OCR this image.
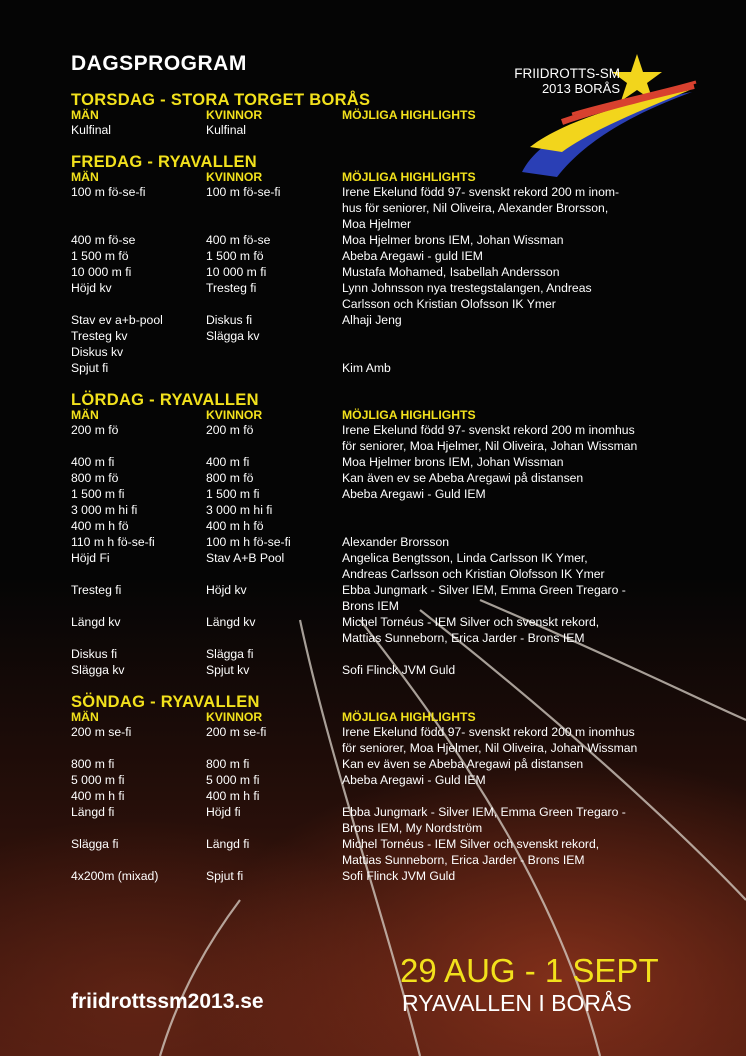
FRIIDROTTS-SM
2013 BORÅS
DAGSPROGRAM
TORSDAG - STORA TORGET BORÅS
MÄN	KVINNOR	MÖJLIGA HIGHLIGHTS
Kulfinal	Kulfinal
FREDAG - RYAVALLEN
MÄN	KVINNOR	MÖJLIGA HIGHLIGHTS
100 m fö-se-fi	100 m fö-se-fi	Irene Ekelund född 97- svenskt rekord 200 m inom-
hus för seniorer, Nil Oliveira, Alexander Brorsson,
Moa Hjelmer
400 m fö-se	400 m fö-se	Moa Hjelmer brons IEM, Johan Wissman
1 500 m fö	1 500 m fö	Abeba Aregawi - guld IEM
10 000 m fi	10 000 m fi	Mustafa Mohamed, Isabellah Andersson
Höjd kv	Tresteg fi	Lynn Johnsson nya trestegstalangen, Andreas
Carlsson och Kristian Olofsson IK Ymer
Stav ev a+b-pool	Diskus fi	Alhaji Jeng
Tresteg kv	Slägga kv
Diskus kv
Spjut fi	Kim Amb
LÖRDAG - RYAVALLEN
MÄN	KVINNOR	MÖJLIGA HIGHLIGHTS
200 m fö	200 m fö	Irene Ekelund född 97- svenskt rekord 200 m inomhus
för seniorer, Moa Hjelmer, Nil Oliveira, Johan Wissman
400 m fi	400 m fi	Moa Hjelmer brons IEM, Johan Wissman
800 m fö	800 m fö	Kan även ev se Abeba Aregawi på distansen
1 500 m fi	1 500 m fi	Abeba Aregawi - Guld IEM
3 000 m hi fi	3 000 m hi fi
400 m h fö	400 m h fö
110 m h fö-se-fi	100 m h fö-se-fi	Alexander Brorsson
Höjd Fi	Stav A+B Pool	Angelica Bengtsson, Linda Carlsson IK Ymer,
Andreas Carlsson och Kristian Olofsson IK Ymer
Tresteg fi	Höjd kv	Ebba Jungmark - Silver IEM, Emma Green Tregaro -
Brons IEM
Längd kv	Längd kv	Michel Tornéus - IEM Silver och svenskt rekord,
Mattias Sunneborn, Erica Jarder - Brons IEM
Diskus fi	Slägga fi
Slägga kv	Spjut kv	Sofi Flinck JVM Guld
SÖNDAG - RYAVALLEN
MÄN	KVINNOR	MÖJLIGA HIGHLIGHTS
200 m se-fi	200 m se-fi	Irene Ekelund född 97- svenskt rekord 200 m inomhus
för seniorer, Moa Hjelmer, Nil Oliveira, Johan Wissman
800 m fi	800 m fi	Kan ev även se Abeba Aregawi på distansen
5 000 m fi	5 000 m fi	Abeba Aregawi - Guld IEM
400 m h fi	400 m h fi
Längd fi	Höjd fi	Ebba Jungmark - Silver IEM, Emma Green Tregaro -
Brons IEM, My Nordström
Slägga fi	Längd fi	Michel Tornéus - IEM Silver och svenskt rekord,
Mattias Sunneborn, Erica Jarder - Brons IEM
4x200m (mixad)	Spjut fi	Sofi Flinck JVM Guld
friidrottssm2013.se
29 AUG - 1 SEPT
RYAVALLEN I BORÅS
